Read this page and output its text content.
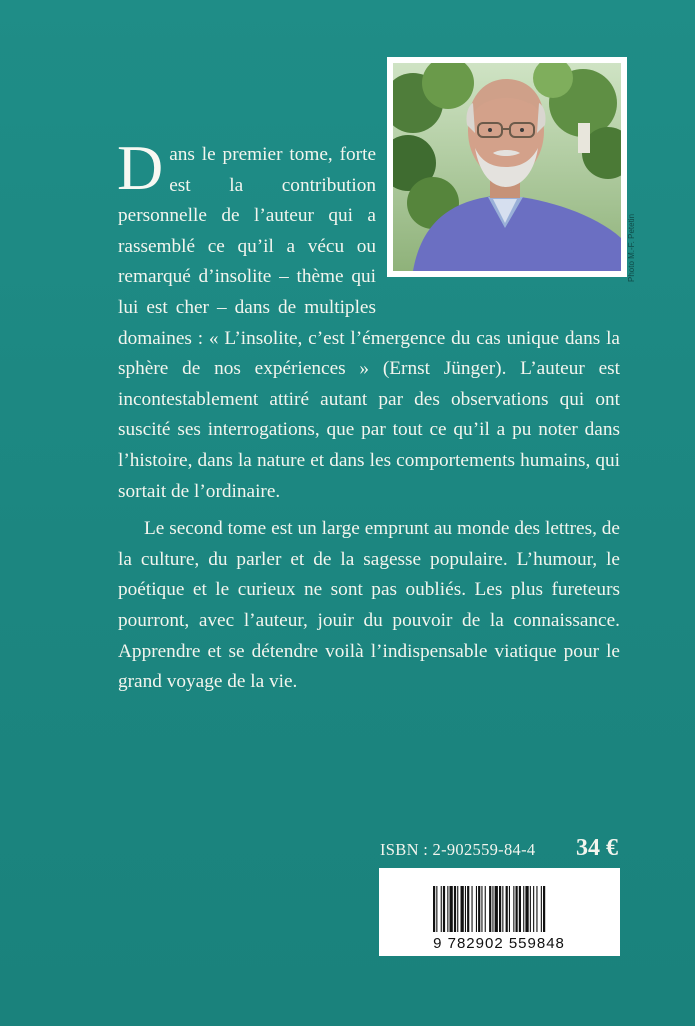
Photo M.-F. Petetin

Dans le premier tome, forte est la contribution personnelle de l’auteur qui a rassemblé ce qu’il a vécu ou remarqué d’insolite – thème qui lui est cher – dans de multiples domaines : « L’insolite, c’est l’émergence du cas unique dans la sphère de nos expériences » (Ernst Jünger). L’auteur est incontestablement attiré autant par des observations qui ont suscité ses interrogations, que par tout ce qu’il a pu noter dans l’histoire, dans la nature et dans les comportements humains, qui sortait de l’ordinaire.

Le second tome est un large emprunt au monde des lettres, de la culture, du parler et de la sagesse populaire. L’humour, le poétique et le curieux ne sont pas oubliés. Les plus fureteurs pourront, avec l’auteur, jouir du pouvoir de la connaissance. Apprendre et se détendre voilà l’indispensable viatique pour le grand voyage de la vie.

ISBN : 2-902559-84-4 34 €
9 782902 559848
